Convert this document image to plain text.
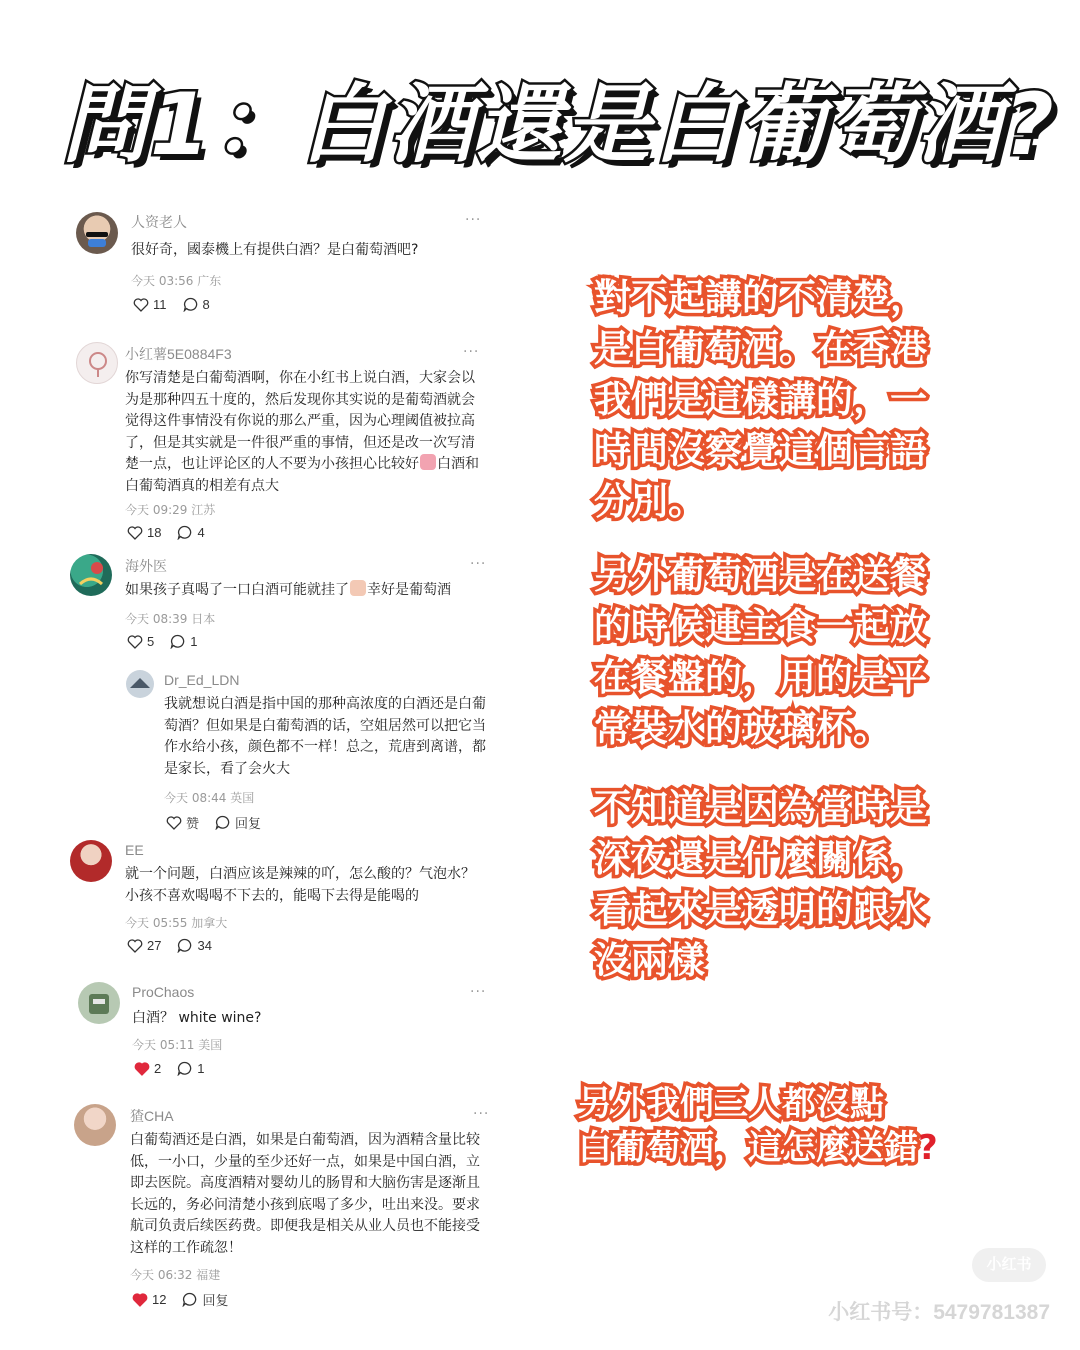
問1：白酒還是白葡萄酒?
人资老人	···
很好奇，國泰機上有提供白酒？是白葡萄酒吧?
今天 03:56 广东
11	8
小红薯5E0884F3	···
你写清楚是白葡萄酒啊，你在小红书上说白酒，大家会以为是那种四五十度的，然后发现你其实说的是葡萄酒就会觉得这件事情没有你说的那么严重，因为心理阈值被拉高了，但是其实就是一件很严重的事情，但还是改一次写清楚一点，也让评论区的人不要为小孩担心比较好 白酒和白葡萄酒真的相差有点大
今天 09:29 江苏
18	4
海外医	···
如果孩子真喝了一口白酒可能就挂了 幸好是葡萄酒
今天 08:39 日本
5	1
Dr_Ed_LDN
我就想说白酒是指中国的那种高浓度的白酒还是白葡萄酒？但如果是白葡萄酒的话，空姐居然可以把它当作水给小孩，颜色都不一样！总之，荒唐到离谱，都是家长，看了会火大
今天 08:44 英国
赞	回复
EE
就一个问题，白酒应该是辣辣的吖，怎么酸的？气泡水？小孩不喜欢喝喝不下去的，能喝下去得是能喝的
今天 05:55 加拿大
27	34
ProChaos	···
白酒？ white wine?
今天 05:11 美国
2	1
猹CHA	···
白葡萄酒还是白酒，如果是白葡萄酒，因为酒精含量比较低，一小口，少量的至少还好一点，如果是中国白酒，立即去医院。高度酒精对婴幼儿的肠胃和大脑伤害是逐渐且长远的，务必问清楚小孩到底喝了多少，吐出来没。要求航司负责后续医药费。即便我是相关从业人员也不能接受这样的工作疏忽！
今天 06:32 福建
12	回复
對不起講的不清楚，
是白葡萄酒。在香港
我們是這樣講的，一
時間沒察覺這個言語
分別。
另外葡萄酒是在送餐
的時候連主食一起放
在餐盤的，用的是平
常裝水的玻璃杯。
不知道是因為當時是
深夜還是什麼關係，
看起來是透明的跟水
沒兩樣

另外我們三人都沒點
白葡萄酒，這怎麼送錯?

小红书
小红书号：5479781387
